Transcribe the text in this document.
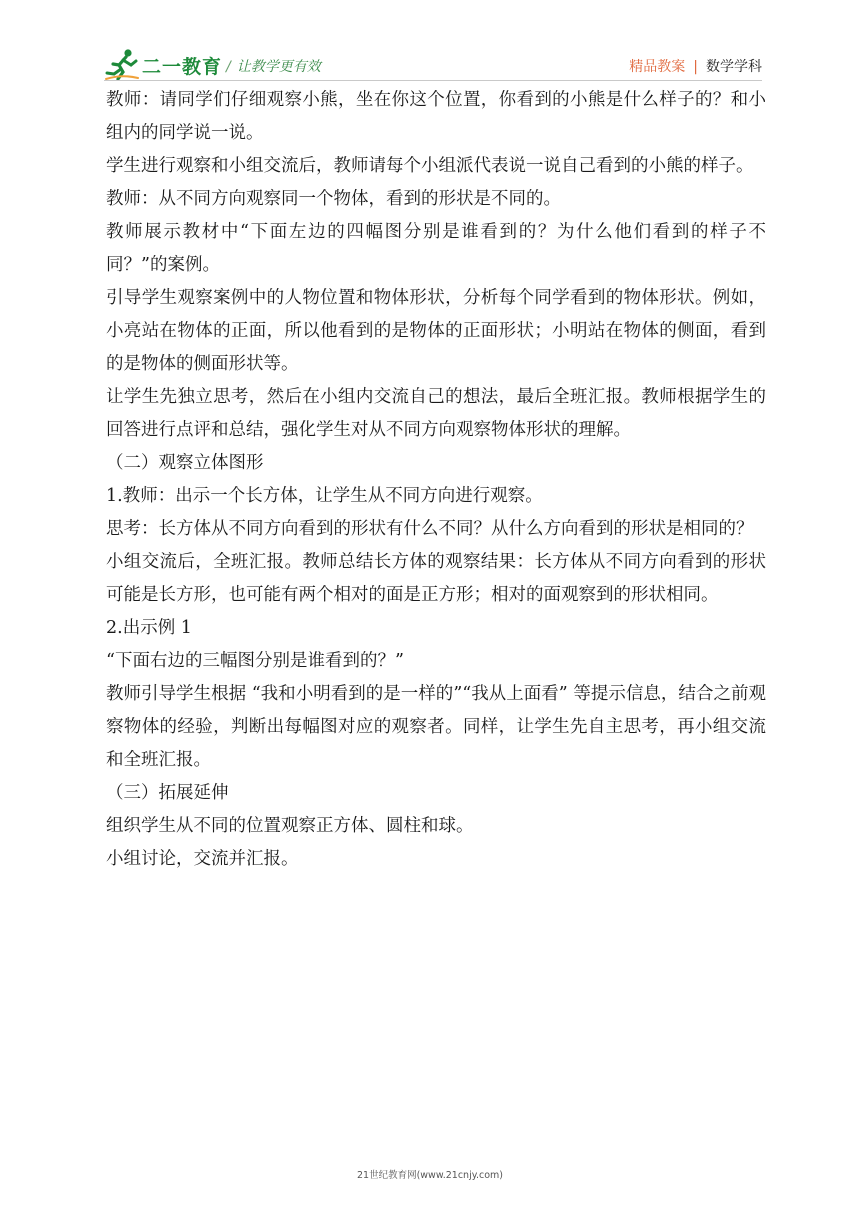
二一教育 / 让教学更有效	精品教案 | 数学学科

教师：请同学们仔细观察小熊，坐在你这个位置，你看到的小熊是什么样子的？和小组内的同学说一说。

学生进行观察和小组交流后，教师请每个小组派代表说一说自己看到的小熊的样子。

教师：从不同方向观察同一个物体，看到的形状是不同的。

教师展示教材中“下面左边的四幅图分别是谁看到的？为什么他们看到的样子不同？”的案例。

引导学生观察案例中的人物位置和物体形状，分析每个同学看到的物体形状。例如，小亮站在物体的正面，所以他看到的是物体的正面形状；小明站在物体的侧面，看到的是物体的侧面形状等。

让学生先独立思考，然后在小组内交流自己的想法，最后全班汇报。教师根据学生的回答进行点评和总结，强化学生对从不同方向观察物体形状的理解。

（二）观察立体图形

1.教师：出示一个长方体，让学生从不同方向进行观察。

思考：长方体从不同方向看到的形状有什么不同？从什么方向看到的形状是相同的？

小组交流后，全班汇报。教师总结长方体的观察结果：长方体从不同方向看到的形状可能是长方形，也可能有两个相对的面是正方形；相对的面观察到的形状相同。

2.出示例 1

“下面右边的三幅图分别是谁看到的？”

教师引导学生根据 “我和小明看到的是一样的”“我从上面看” 等提示信息，结合之前观察物体的经验，判断出每幅图对应的观察者。同样，让学生先自主思考，再小组交流和全班汇报。

（三）拓展延伸

组织学生从不同的位置观察正方体、圆柱和球。

小组讨论，交流并汇报。

21世纪教育网(www.21cnjy.com)
